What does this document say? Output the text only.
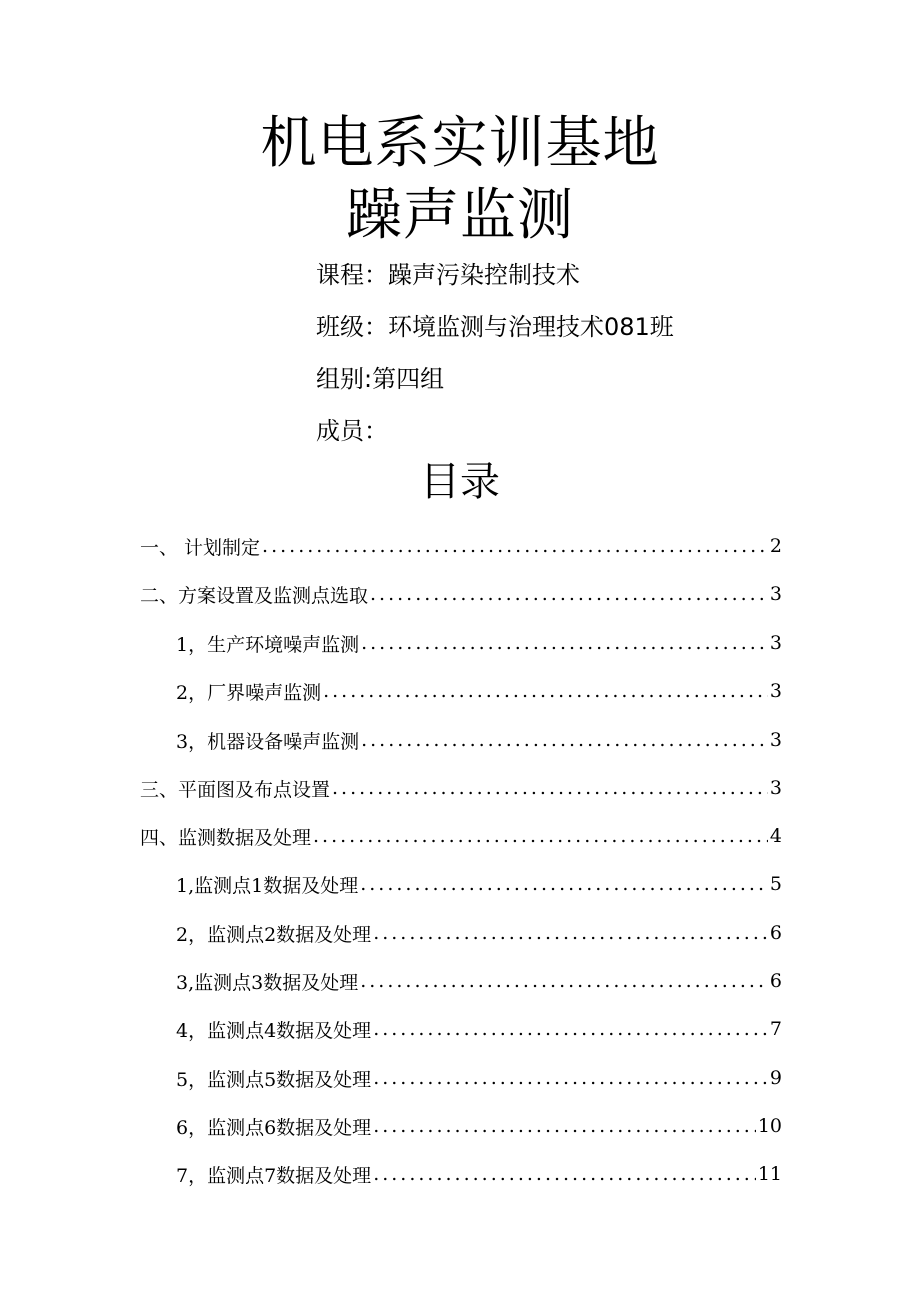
机电系实训基地
躁声监测
课程：躁声污染控制技术
班级：环境监测与治理技术081班
组别:第四组
成员：
目录
一、 计划制定 .....	2
二、方案设置及监测点选取 .....	3
1，生产环境噪声监测 .....	3
2，厂界噪声监测 .....	3
3，机器设备噪声监测 .....	3
三、平面图及布点设置 .....	3
四、监测数据及处理 .....	4
1,监测点1数据及处理 .....	5
2，监测点2数据及处理 .....	6
3,监测点3数据及处理 .....	6
4，监测点4数据及处理 .....	7
5，监测点5数据及处理 .....	9
6，监测点6数据及处理 .....	10
7，监测点7数据及处理 .....	11
